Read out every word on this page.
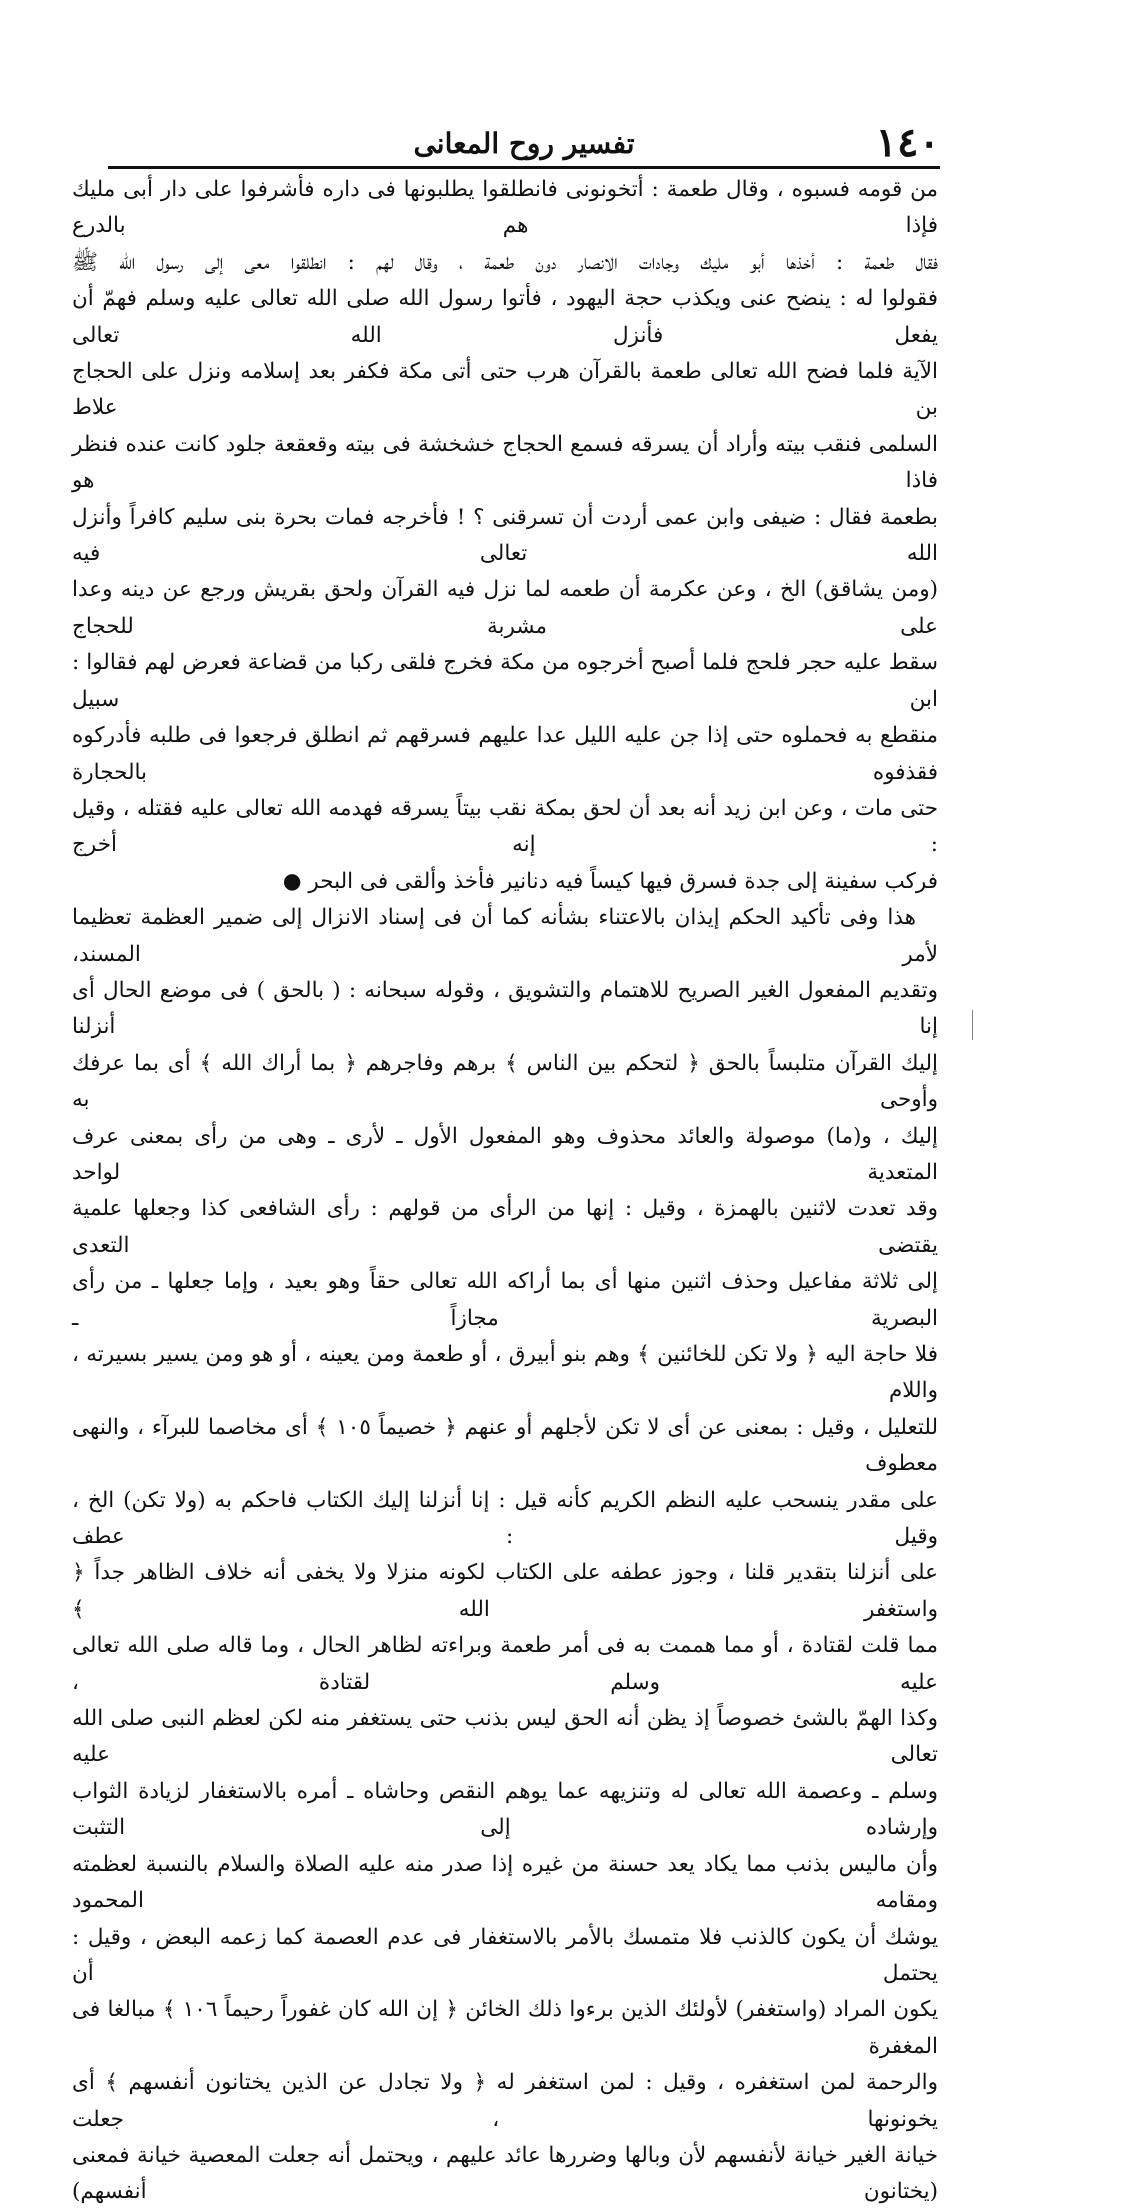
١٤٠
تفسير روح المعانى

من قومه فسبوه ، وقال طعمة : أتخونونى فانطلقوا يطلبونها فى داره فأشرفوا على دار أبى مليك فإذا هم بالدرع

فقال طعمة : أخذها أبو مليك وجادات الانصار دون طعمة ، وقال لهم : انطلقوا معى إلى رسول الله ﷺ

فقولوا له : ينضح عنى ويكذب حجة اليهود ، فأتوا رسول الله صلى الله تعالى عليه وسلم فهمّ أن يفعل فأنزل الله تعالى

الآية فلما فضح الله تعالى طعمة بالقرآن هرب حتى أتى مكة فكفر بعد إسلامه ونزل على الحجاج بن علاط

السلمى فنقب بيته وأراد أن يسرقه فسمع الحجاج خشخشة فى بيته وقعقعة جلود كانت عنده فنظر فاذا هو

بطعمة فقال : ضيفى وابن عمى أردت أن تسرقنى ؟ ! فأخرجه فمات بحرة بنى سليم كافراً وأنزل الله تعالى فيه

(ومن يشاقق) الخ ، وعن عكرمة أن طعمه لما نزل فيه القرآن ولحق بقريش ورجع عن دينه وعدا على مشربة للحجاج

سقط عليه حجر فلحج فلما أصبح أخرجوه من مكة فخرج فلقى ركبا من قضاعة فعرض لهم فقالوا : ابن سبيل

منقطع به فحملوه حتى إذا جن عليه الليل عدا عليهم فسرقهم ثم انطلق فرجعوا فى طلبه فأدركوه فقذفوه بالحجارة

حتى مات ، وعن ابن زيد أنه بعد أن لحق بمكة نقب بيتاً يسرقه فهدمه الله تعالى عليه فقتله ، وقيل : إنه أخرج

فركب سفينة إلى جدة فسرق فيها كيساً فيه دنانير فأخذ وألقى فى البحر ●

هذا وفى تأكيد الحكم إيذان بالاعتناء بشأنه كما أن فى إسناد الانزال إلى ضمير العظمة تعظيما لأمر المسند،

وتقديم المفعول الغير الصريح للاهتمام والتشويق ، وقوله سبحانه : ( بالحق ) فى موضع الحال أى إنا أنزلنا

إليك القرآن متلبساً بالحق ﴿ لتحكم بين الناس ﴾ برهم وفاجرهم ﴿ بما أراك الله ﴾ أى بما عرفك وأوحى به

إليك ، و(ما) موصولة والعائد محذوف وهو المفعول الأول ـ لأرى ـ وهى من رأى بمعنى عرف المتعدية لواحد

وقد تعدت لاثنين بالهمزة ، وقيل : إنها من الرأى من قولهم : رأى الشافعى كذا وجعلها علمية يقتضى التعدى

إلى ثلاثة مفاعيل وحذف اثنين منها أى بما أراكه الله تعالى حقاً وهو بعيد ، وإما جعلها ـ من رأى البصرية مجازاً ـ

فلا حاجة اليه ﴿ ولا تكن للخائنين ﴾ وهم بنو أبيرق ، أو طعمة ومن يعينه ، أو هو ومن يسير بسيرته ، واللام

للتعليل ، وقيل : بمعنى عن أى لا تكن لأجلهم أو عنهم ﴿ خصيماً ١٠٥ ﴾ أى مخاصما للبرآء ، والنهى معطوف

على مقدر ينسحب عليه النظم الكريم كأنه قيل : إنا أنزلنا إليك الكتاب فاحكم به (ولا تكن) الخ ، وقيل : عطف

على أنزلنا بتقدير قلنا ، وجوز عطفه على الكتاب لكونه منزلا ولا يخفى أنه خلاف الظاهر جداً ﴿ واستغفر الله ﴾

مما قلت لقتادة ، أو مما هممت به فى أمر طعمة وبراءته لظاهر الحال ، وما قاله صلى الله تعالى عليه وسلم لقتادة ،

وكذا الهمّ بالشئ خصوصاً إذ يظن أنه الحق ليس بذنب حتى يستغفر منه لكن لعظم النبى صلى الله تعالى عليه

وسلم ـ وعصمة الله تعالى له وتنزيهه عما يوهم النقص وحاشاه ـ أمره بالاستغفار لزيادة الثواب وإرشاده إلى التثبت

وأن ماليس بذنب مما يكاد يعد حسنة من غيره إذا صدر منه عليه الصلاة والسلام بالنسبة لعظمته ومقامه المحمود

يوشك أن يكون كالذنب فلا متمسك بالأمر بالاستغفار فى عدم العصمة كما زعمه البعض ، وقيل : يحتمل أن

يكون المراد (واستغفر) لأولئك الذين برءوا ذلك الخائن ﴿ إن الله كان غفوراً رحيماً ١٠٦ ﴾ مبالغا فى المغفرة

والرحمة لمن استغفره ، وقيل : لمن استغفر له ﴿ ولا تجادل عن الذين يختانون أنفسهم ﴾ أى يخونونها ، جعلت

خيانة الغير خيانة لأنفسهم لأن وبالها وضررها عائد عليهم ، ويحتمل أنه جعلت المعصية خيانة فمعنى (يختانون أنفسهم)
